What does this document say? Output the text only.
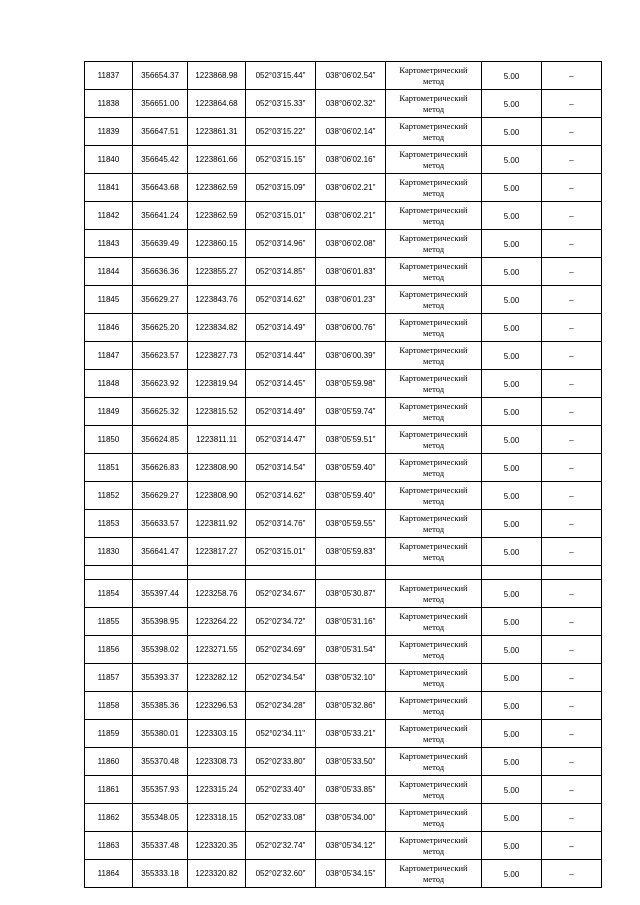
11837	356654.37	1223868.98	052°03'15.44"	038°06'02.54"	Картометрический
метод	5.00	–
11838	356651.00	1223864.68	052°03'15.33"	038°06'02.32"	Картометрический
метод	5.00	–
11839	356647.51	1223861.31	052°03'15.22"	038°06'02.14"	Картометрический
метод	5.00	–
11840	356645.42	1223861.66	052°03'15.15"	038°06'02.16"	Картометрический
метод	5.00	–
11841	356643.68	1223862.59	052°03'15.09"	038°06'02.21"	Картометрический
метод	5.00	–
11842	356641.24	1223862.59	052°03'15.01"	038°06'02.21"	Картометрический
метод	5.00	–
11843	356639.49	1223860.15	052°03'14.96"	038°06'02.08"	Картометрический
метод	5.00	–
11844	356636.36	1223855.27	052°03'14.85"	038°06'01.83"	Картометрический
метод	5.00	–
11845	356629.27	1223843.76	052°03'14.62"	038°06'01.23"	Картометрический
метод	5.00	–
11846	356625.20	1223834.82	052°03'14.49"	038°06'00.76"	Картометрический
метод	5.00	–
11847	356623.57	1223827.73	052°03'14.44"	038°06'00.39"	Картометрический
метод	5.00	–
11848	356623.92	1223819.94	052°03'14.45"	038°05'59.98"	Картометрический
метод	5.00	–
11849	356625.32	1223815.52	052°03'14.49"	038°05'59.74"	Картометрический
метод	5.00	–
11850	356624.85	1223811.11	052°03'14.47"	038°05'59.51"	Картометрический
метод	5.00	–
11851	356626.83	1223808.90	052°03'14.54"	038°05'59.40"	Картометрический
метод	5.00	–
11852	356629.27	1223808.90	052°03'14.62"	038°05'59.40"	Картометрический
метод	5.00	–
11853	356633.57	1223811.92	052°03'14.76"	038°05'59.55"	Картометрический
метод	5.00	–
11830	356641.47	1223817.27	052°03'15.01"	038°05'59.83"	Картометрический
метод	5.00	–

11854	355397.44	1223258.76	052°02'34.67"	038°05'30.87"	Картометрический
метод	5.00	–
11855	355398.95	1223264.22	052°02'34.72"	038°05'31.16"	Картометрический
метод	5.00	–
11856	355398.02	1223271.55	052°02'34.69"	038°05'31.54"	Картометрический
метод	5.00	–
11857	355393.37	1223282.12	052°02'34.54"	038°05'32.10"	Картометрический
метод	5.00	–
11858	355385.36	1223296.53	052°02'34.28"	038°05'32.86"	Картометрический
метод	5.00	–
11859	355380.01	1223303.15	052°02'34.11"	038°05'33.21"	Картометрический
метод	5.00	–
11860	355370.48	1223308.73	052°02'33.80"	038°05'33.50"	Картометрический
метод	5.00	–
11861	355357.93	1223315.24	052°02'33.40"	038°05'33.85"	Картометрический
метод	5.00	–
11862	355348.05	1223318.15	052°02'33.08"	038°05'34.00"	Картометрический
метод	5.00	–
11863	355337.48	1223320.35	052°02'32.74"	038°05'34.12"	Картометрический
метод	5.00	–
11864	355333.18	1223320.82	052°02'32.60"	038°05'34.15"	Картометрический
метод	5.00	–
